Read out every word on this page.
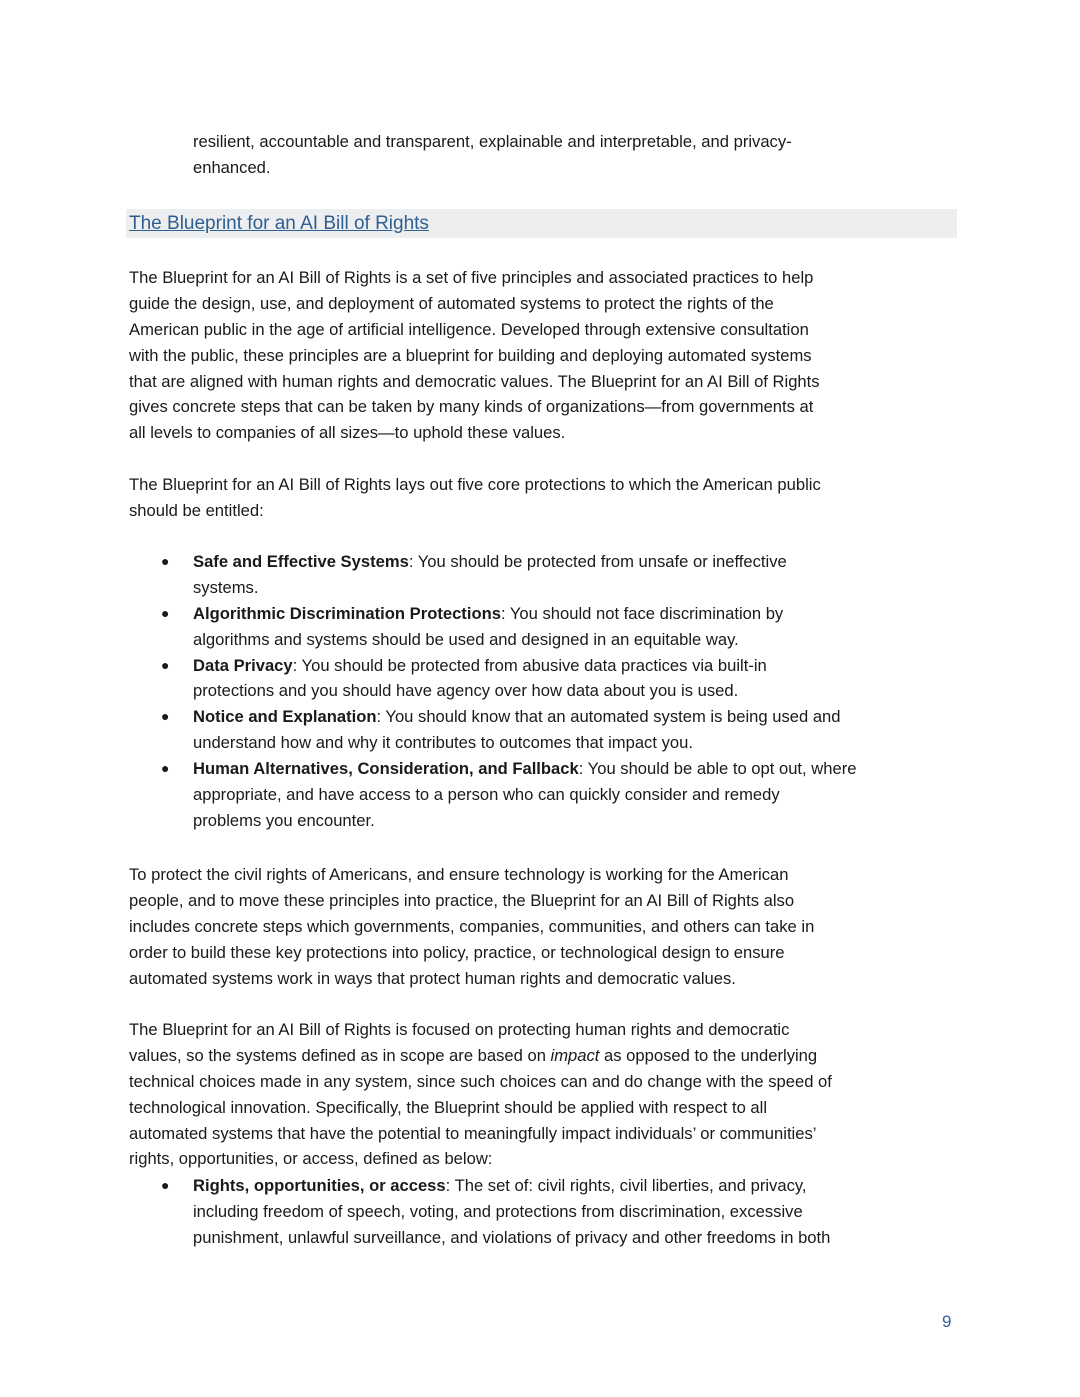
The Blueprint for an AI Bill of Rights
resilient, accountable and transparent, explainable and interpretable, and privacy-
enhanced.
The Blueprint for an AI Bill of Rights is a set of five principles and associated practices to help
guide the design, use, and deployment of automated systems to protect the rights of the
American public in the age of artificial intelligence. Developed through extensive consultation
with the public, these principles are a blueprint for building and deploying automated systems
that are aligned with human rights and democratic values. The Blueprint for an AI Bill of Rights
gives concrete steps that can be taken by many kinds of organizations—from governments at
all levels to companies of all sizes—to uphold these values.
The Blueprint for an AI Bill of Rights lays out five core protections to which the American public
should be entitled:
●	Safe and Effective Systems: You should be protected from unsafe or ineffective
systems.
●	Algorithmic Discrimination Protections: You should not face discrimination by
algorithms and systems should be used and designed in an equitable way.
●	Data Privacy: You should be protected from abusive data practices via built-in
protections and you should have agency over how data about you is used.
●	Notice and Explanation: You should know that an automated system is being used and
understand how and why it contributes to outcomes that impact you.
●	Human Alternatives, Consideration, and Fallback: You should be able to opt out, where
appropriate, and have access to a person who can quickly consider and remedy
problems you encounter.
To protect the civil rights of Americans, and ensure technology is working for the American
people, and to move these principles into practice, the Blueprint for an AI Bill of Rights also
includes concrete steps which governments, companies, communities, and others can take in
order to build these key protections into policy, practice, or technological design to ensure
automated systems work in ways that protect human rights and democratic values.
The Blueprint for an AI Bill of Rights is focused on protecting human rights and democratic
values, so the systems defined as in scope are based on impact as opposed to the underlying
technical choices made in any system, since such choices can and do change with the speed of
technological innovation. Specifically, the Blueprint should be applied with respect to all
automated systems that have the potential to meaningfully impact individuals’ or communities’
rights, opportunities, or access, defined as below:
●	Rights, opportunities, or access: The set of: civil rights, civil liberties, and privacy,
including freedom of speech, voting, and protections from discrimination, excessive
punishment, unlawful surveillance, and violations of privacy and other freedoms in both
9
